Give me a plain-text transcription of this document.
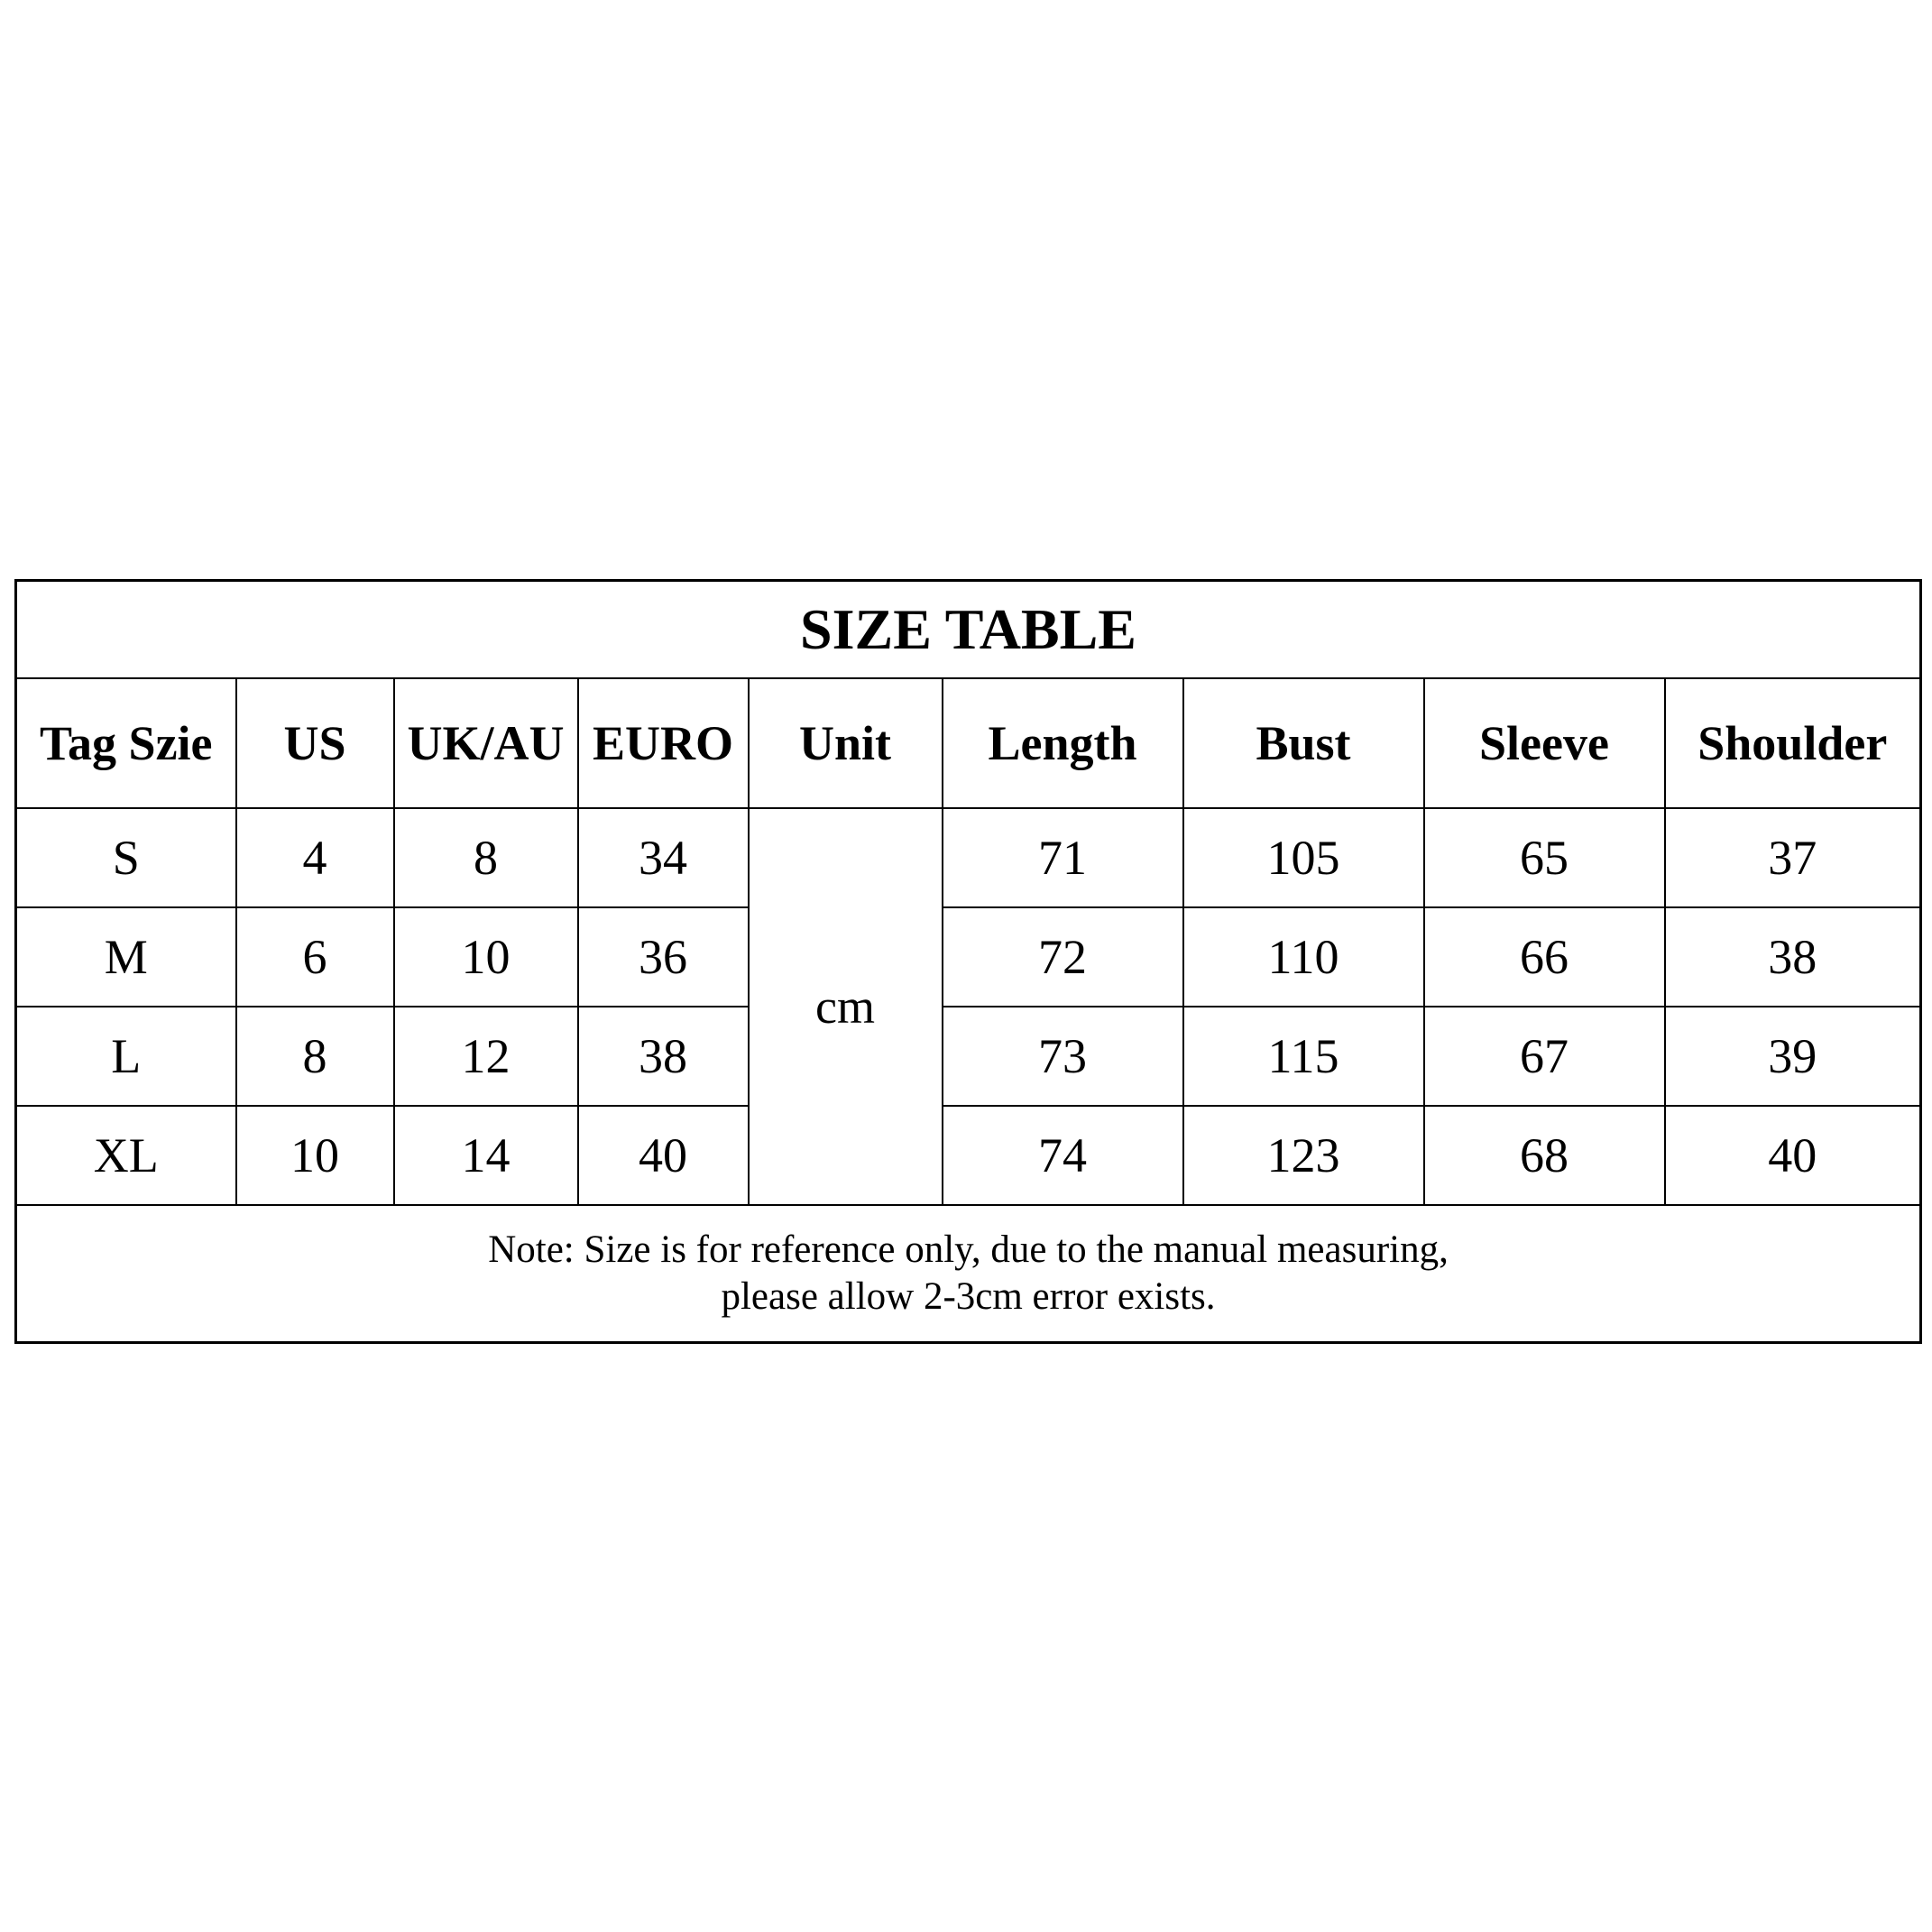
SIZE TABLE								
Tag Szie	US	UK/AU	EURO	Unit	Length	Bust	Sleeve	Shoulder
S	4	8	34	cm	71	105	65	37
M	6	10	36		72	110	66	38
L	8	12	38		73	115	67	39
XL	10	14	40		74	123	68	40

Note: Size is for reference only, due to the manual measuring,
please allow 2-3cm error exists.								
